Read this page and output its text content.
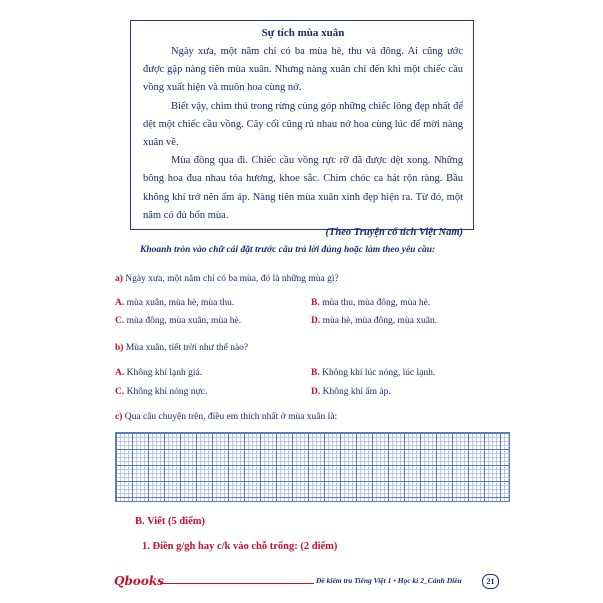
Sự tích mùa xuân

Ngày xưa, một năm chỉ có ba mùa hè, thu và đông. Ai cũng ước được gặp nàng tiên mùa xuân. Nhưng nàng xuân chỉ đến khi một chiếc cầu vồng xuất hiện và muôn hoa cùng nở.

Biết vậy, chim thú trong rừng cùng góp những chiếc lông đẹp nhất để dệt một chiếc cầu vồng. Cây cối cũng rủ nhau nở hoa cùng lúc để mời nàng xuân về.

Mùa đông qua đi. Chiếc cầu vồng rực rỡ đã được dệt xong. Những bông hoa đua nhau tỏa hương, khoe sắc. Chim chóc ca hát rộn ràng. Bầu không khí trở nên ấm áp. Nàng tiên mùa xuân xinh đẹp hiện ra. Từ đó, một năm có đủ bốn mùa.

(Theo Truyện cổ tích Việt Nam)
Khoanh tròn vào chữ cái đặt trước câu trả lời đúng hoặc làm theo yêu cầu:
a) Ngày xưa, một năm chỉ có ba mùa, đó là những mùa gì?
A. mùa xuân, mùa hè, mùa thu.	B. mùa thu, mùa đông, mùa hè.
C. mùa đông, mùa xuân, mùa hè.	D. mùa hè, mùa đông, mùa xuân.
b) Mùa xuân, tiết trời như thế nào?
A. Không khí lạnh giá.	B. Không khí lúc nóng, lúc lạnh.
C. Không khí nóng nực.	D. Không khí ấm áp.
c) Qua câu chuyện trên, điều em thích nhất ở mùa xuân là:
B. Viết (5 điểm)
1. Điền g/gh hay c/k vào chỗ trống: (2 điểm)
Qbooks	Đề kiểm tra Tiếng Việt 1 • Học kì 2_Cánh Diều	21
